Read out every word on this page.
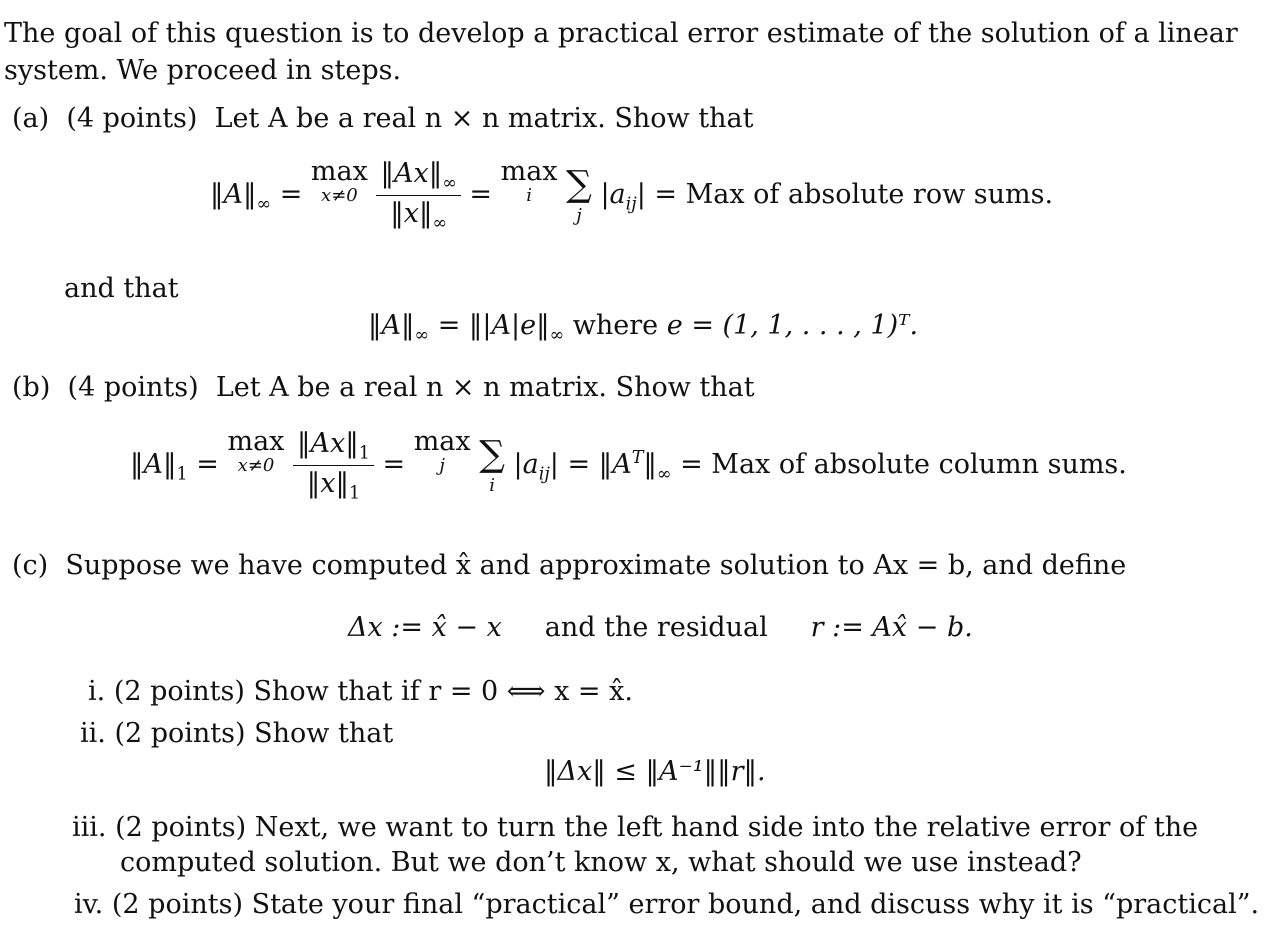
The goal of this question is to develop a practical error estimate of the solution of a linear
system. We proceed in steps.
(a) (4 points) Let A be a real n × n matrix. Show that
$‖A‖_\infty = \max$
x≠0
$\frac{‖Ax‖_\infty}{‖x‖_\infty} = \max$
i
∑
j
$|a_{ij}|$ = Max of absolute row sums.
and that
$‖A‖_\infty$ = $‖|A|e‖_\infty$ where e = (1, 1, . . . , 1)ᵀ.
(b) (4 points) Let A be a real n × n matrix. Show that
$‖A‖_1 = \max$
x≠0
$\frac{‖Ax‖_1}{‖x‖_1} = \max$
j
∑
i
$|a_{ij}|$ = $‖A^T‖_\infty$ = Max of absolute column sums.
(c) Suppose we have computed x̂ and approximate solution to Ax = b, and define
Δx := x̂ − x and the residual r := Ax̂ − b.
i. (2 points) Show that if r = 0 ⟺ x = x̂.
ii. (2 points) Show that
‖Δx‖ ≤ ‖A⁻¹‖‖r‖.
iii. (2 points) Next, we want to turn the left hand side into the relative error of the
computed solution. But we don’t know x, what should we use instead?
iv. (2 points) State your final “practical” error bound, and discuss why it is “practical”.
